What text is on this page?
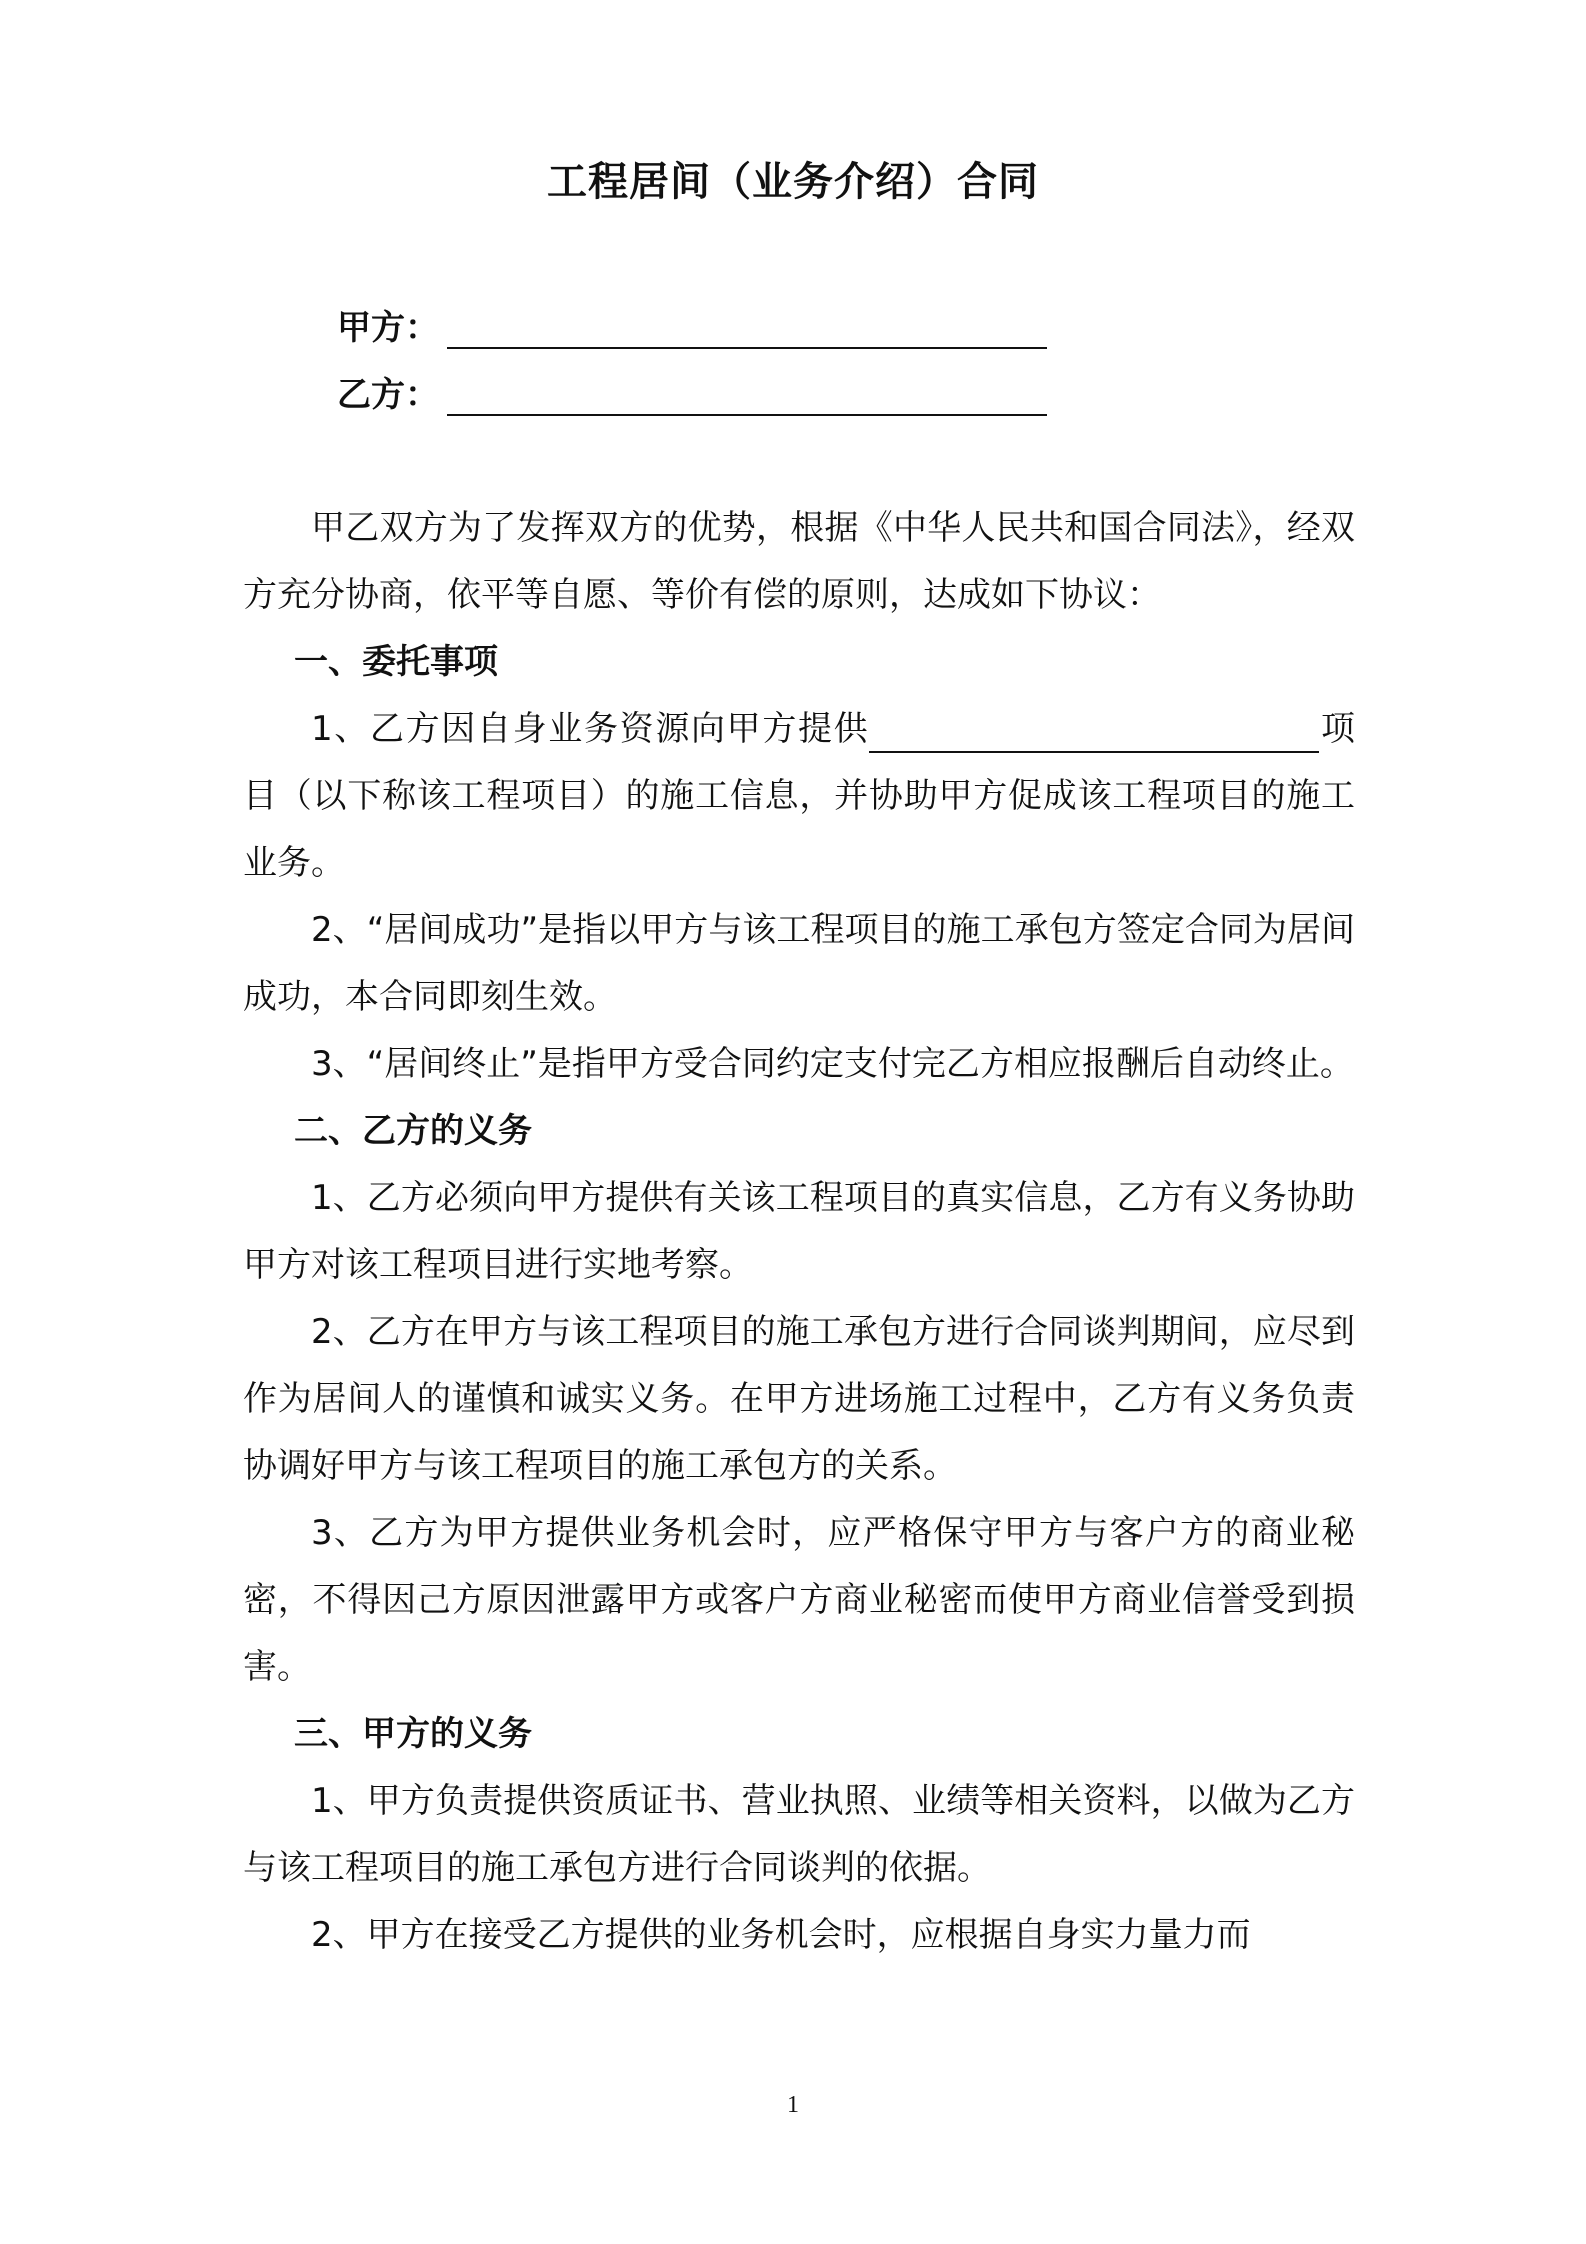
工程居间（业务介绍）合同
甲方：
乙方：

甲乙双方为了发挥双方的优势，根据《中华人民共和国合同法》，经双方充分协商，依平等自愿、等价有偿的原则，达成如下协议：

一、委托事项

1、乙方因自身业务资源向甲方提供	项目（以下称该工程项目）的施工信息，并协助甲方促成该工程项目的施工业务。

2、“居间成功”是指以甲方与该工程项目的施工承包方签定合同为居间成功，本合同即刻生效。

3、“居间终止”是指甲方受合同约定支付完乙方相应报酬后自动终止。

二、乙方的义务

1、乙方必须向甲方提供有关该工程项目的真实信息，乙方有义务协助甲方对该工程项目进行实地考察。

2、乙方在甲方与该工程项目的施工承包方进行合同谈判期间，应尽到作为居间人的谨慎和诚实义务。在甲方进场施工过程中，乙方有义务负责协调好甲方与该工程项目的施工承包方的关系。

3、乙方为甲方提供业务机会时，应严格保守甲方与客户方的商业秘密，不得因己方原因泄露甲方或客户方商业秘密而使甲方商业信誉受到损害。

三、甲方的义务

1、甲方负责提供资质证书、营业执照、业绩等相关资料，以做为乙方与该工程项目的施工承包方进行合同谈判的依据。

2、甲方在接受乙方提供的业务机会时，应根据自身实力量力而

1
